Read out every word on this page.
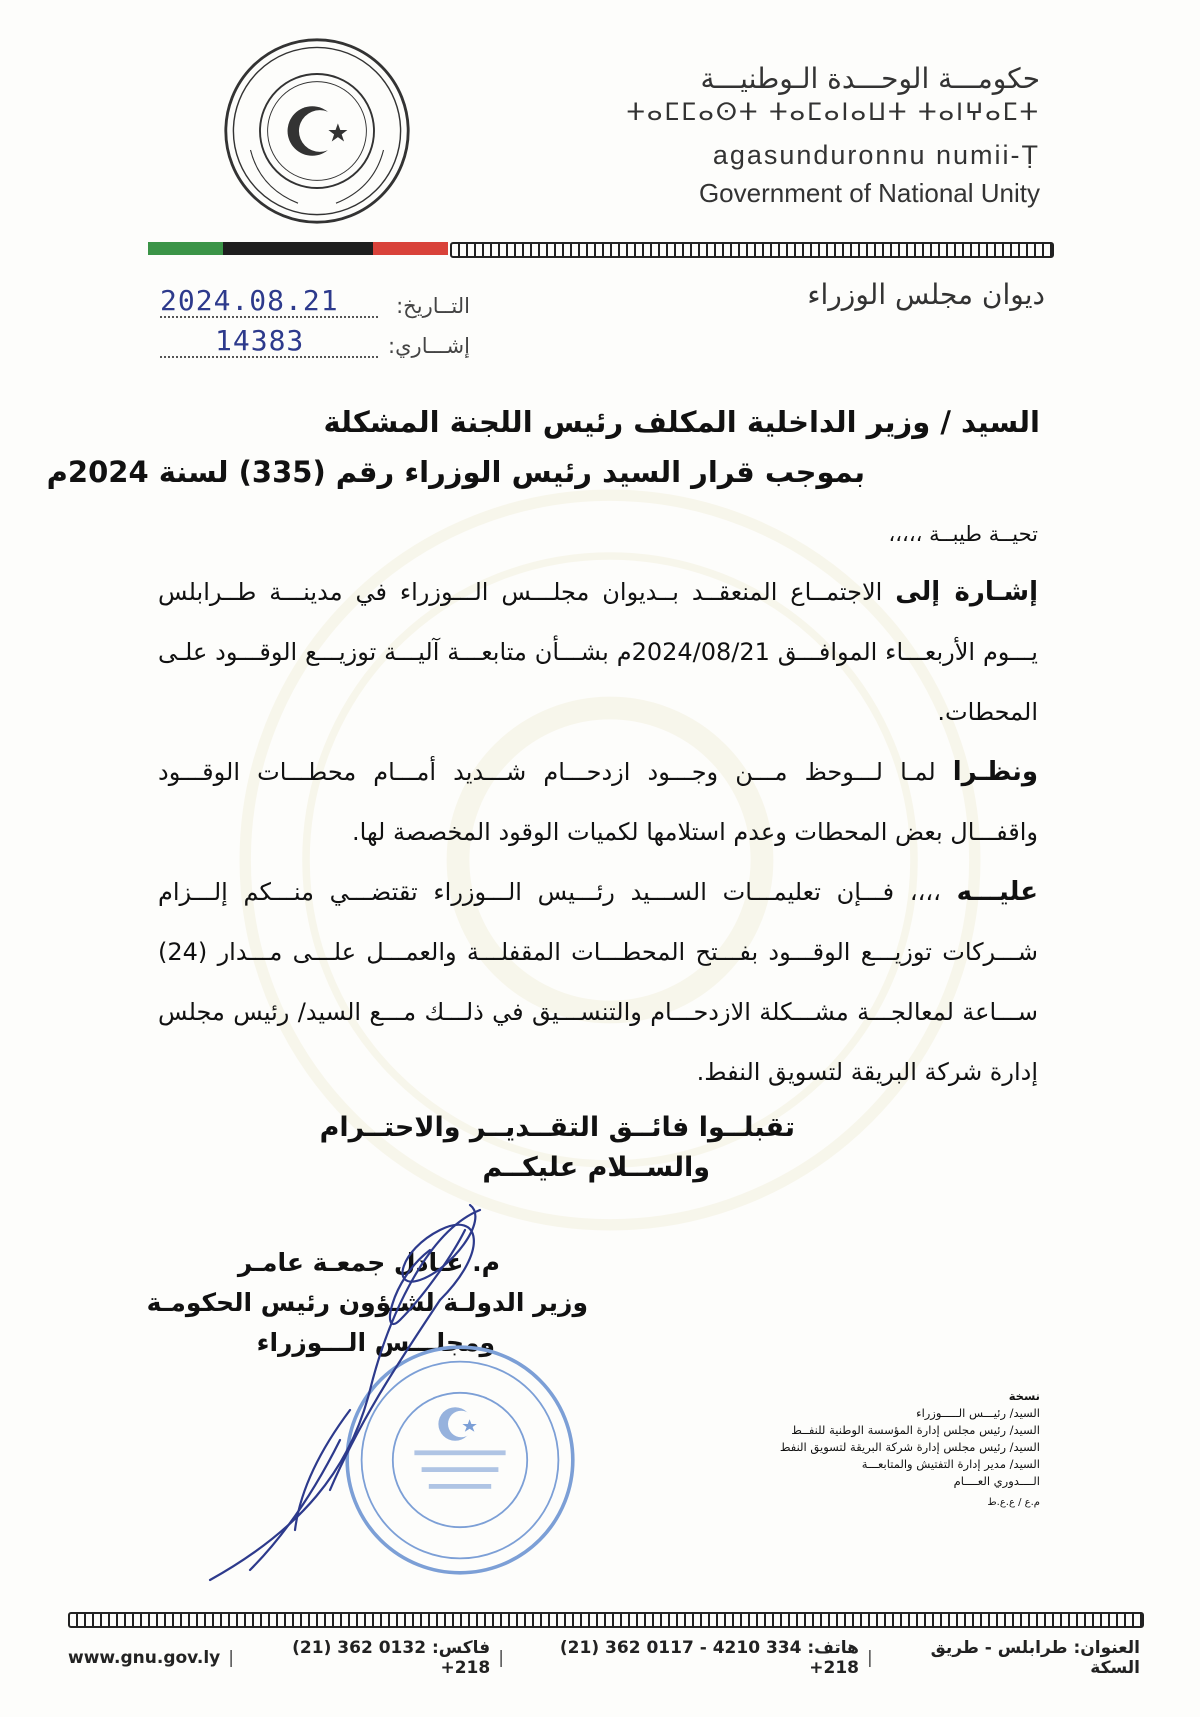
حكومـــة الوحـــدة الـوطنيـــة
ⵜⴰⵎⵎⴰⵙⵜ ⵜⴰⵎⴰⵏⴰⵡⵜ ⵜⴰⵏⵖⴰⵎⵜ
agasunduronnu numii-Ṭ
Government of National Unity
ديوان مجلس الوزراء
التــاريخ:
2024.08.21
إشـــاري:
14383
السيد / وزير الداخلية المكلف رئيس اللجنة المشكلة
بموجب قرار السيد رئيس الوزراء رقم (335) لسنة 2024م
تحيــة طيبــة ،،،،،
إشـارة إلى الاجتمــاع المنعقــد بــديوان مجلـــس الـــوزراء في مدينـــة طــرابلس يـــوم الأربعـــاء الموافـــق 2024/08/21م بشـــأن متابعـــة آليـــة توزيـــع الوقـــود علـى المحطات.
ونظـرا لمـا لـــوحظ مـــن وجـــود ازدحـــام شـــديد أمـــام محطـــات الوقـــود واقفـــال بعض المحطات وعدم استلامها لكميات الوقود المخصصة لها.
عليـــه ،،،، فـــإن تعليمـــات الســـيد رئـــيس الـــوزراء تقتضـــي منـــكم إلـــزام شـــركات توزيـــع الوقـــود بفـــتح المحطـــات المقفلـــة والعمـــل علـــى مـــدار (24) ســـاعة لمعالجـــة مشـــكلة الازدحـــام والتنســـيق في ذلـــك مـــع السيد/ رئيس مجلس إدارة شركة البريقة لتسويق النفط.
تقبلــوا فائــق التقــديــر والاحتــرام
والســلام عليكــم
م. عـادل جمعـة عامـر
وزير الدولـة لشـؤون رئيس الحكومـة
ومجلـــس الـــوزراء
نسخة
السيد/ رئيـــس الـــــوزراء
السيد/ رئيس مجلس إدارة المؤسسة الوطنية للنفــط
السيد/ رئيس مجلس إدارة شركة البريقة لتسويق النفط
السيد/ مدير إدارة التفتيش والمتابعـــة
الــــدوري العــــام
م.ع / ع.ع.ط
www.gnu.gov.ly |	فاكس: 0132 362 (21) 218+ |	هاتف: 334 4210 - 0117 362 (21) 218+ |	العنوان: طرابلس - طريق السكة
